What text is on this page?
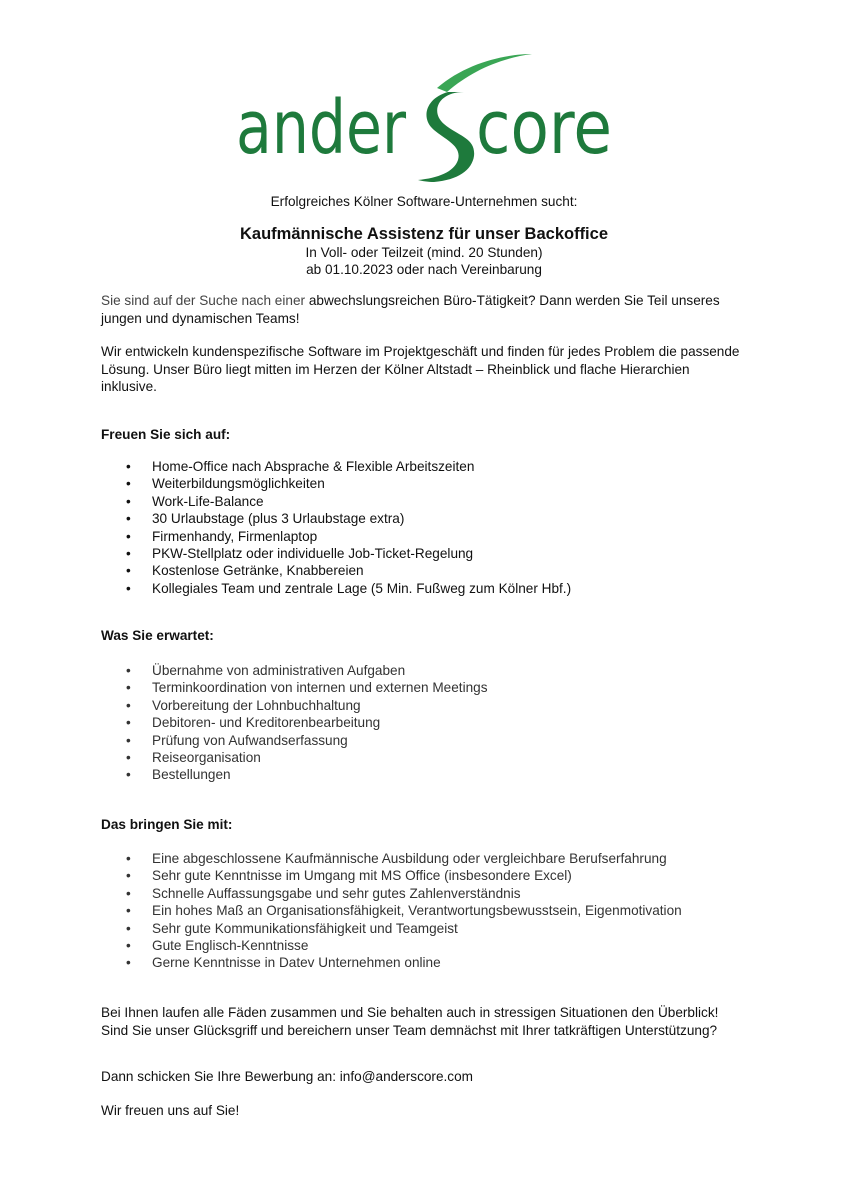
ander core
Erfolgreiches Kölner Software-Unternehmen sucht:
Kaufmännische Assistenz für unser Backoffice
In Voll- oder Teilzeit (mind. 20 Stunden)
ab 01.10.2023 oder nach Vereinbarung
Sie sind auf der Suche nach einer abwechslungsreichen Büro-Tätigkeit? Dann werden Sie Teil unseres jungen und dynamischen Teams!
Wir entwickeln kundenspezifische Software im Projektgeschäft und finden für jedes Problem die passende Lösung. Unser Büro liegt mitten im Herzen der Kölner Altstadt – Rheinblick und flache Hierarchien inklusive.
Freuen Sie sich auf:
• Home-Office nach Absprache & Flexible Arbeitszeiten
• Weiterbildungsmöglichkeiten
• Work-Life-Balance
• 30 Urlaubstage (plus 3 Urlaubstage extra)
• Firmenhandy, Firmenlaptop
• PKW-Stellplatz oder individuelle Job-Ticket-Regelung
• Kostenlose Getränke, Knabbereien
• Kollegiales Team und zentrale Lage (5 Min. Fußweg zum Kölner Hbf.)
Was Sie erwartet:
• Übernahme von administrativen Aufgaben
• Terminkoordination von internen und externen Meetings
• Vorbereitung der Lohnbuchhaltung
• Debitoren- und Kreditorenbearbeitung
• Prüfung von Aufwandserfassung
• Reiseorganisation
• Bestellungen
Das bringen Sie mit:
• Eine abgeschlossene Kaufmännische Ausbildung oder vergleichbare Berufserfahrung
• Sehr gute Kenntnisse im Umgang mit MS Office (insbesondere Excel)
• Schnelle Auffassungsgabe und sehr gutes Zahlenverständnis
• Ein hohes Maß an Organisationsfähigkeit, Verantwortungsbewusstsein, Eigenmotivation
• Sehr gute Kommunikationsfähigkeit und Teamgeist
• Gute Englisch-Kenntnisse
• Gerne Kenntnisse in Datev Unternehmen online
Bei Ihnen laufen alle Fäden zusammen und Sie behalten auch in stressigen Situationen den Überblick! Sind Sie unser Glücksgriff und bereichern unser Team demnächst mit Ihrer tatkräftigen Unterstützung?
Dann schicken Sie Ihre Bewerbung an: info@anderscore.com
Wir freuen uns auf Sie!
